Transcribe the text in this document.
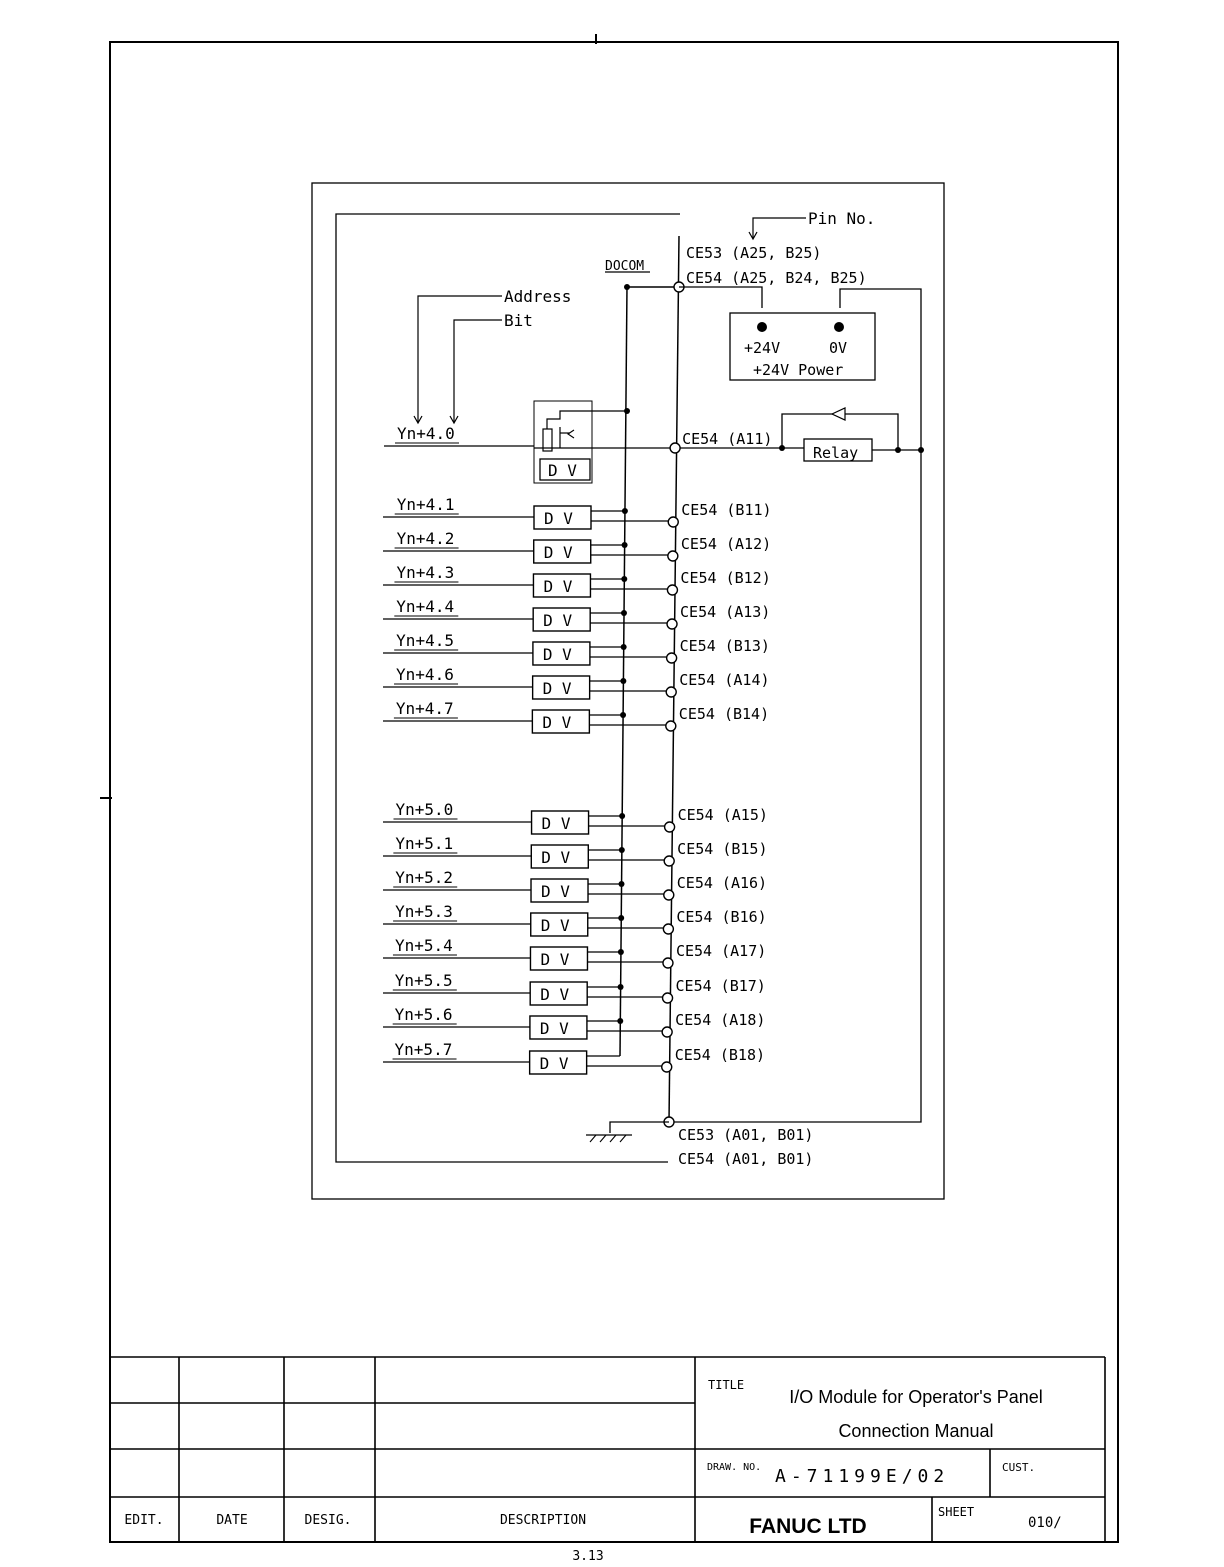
Yn+4.0	CE54 (A11)
Yn+4.1	CE54 (B11)
D V
Yn+4.2	CE54 (A12)
D V
Yn+4.3	CE54 (B12)
D V
Yn+4.4	CE54 (A13)
D V
Yn+4.5	CE54 (B13)
D V
Yn+4.6	CE54 (A14)
D V
Yn+4.7	CE54 (B14)
D V
Yn+5.0	CE54 (A15)
D V
Yn+5.1	CE54 (B15)
D V
Yn+5.2	CE54 (A16)
D V
Yn+5.3	CE54 (B16)
D V
Yn+5.4	CE54 (A17)
D V
Yn+5.5	CE54 (B17)
D V
Yn+5.6	CE54 (A18)
D V
Yn+5.7	CE54 (B18)
D V
Pin No.
CE53 (A25, B25)
CE54 (A25, B24, B25)
DOCOM
Address
Bit
+24V	0V
+24V Power
Relay
D V
CE53 (A01, B01)
CE54 (A01, B01)
TITLE
I/O Module for Operator's Panel
Connection Manual
DRAW. NO. A-71199E/02	CUST.
FANUC LTD
SHEET
010/
EDIT.	DATE	DESIG.	DESCRIPTION
3.13
